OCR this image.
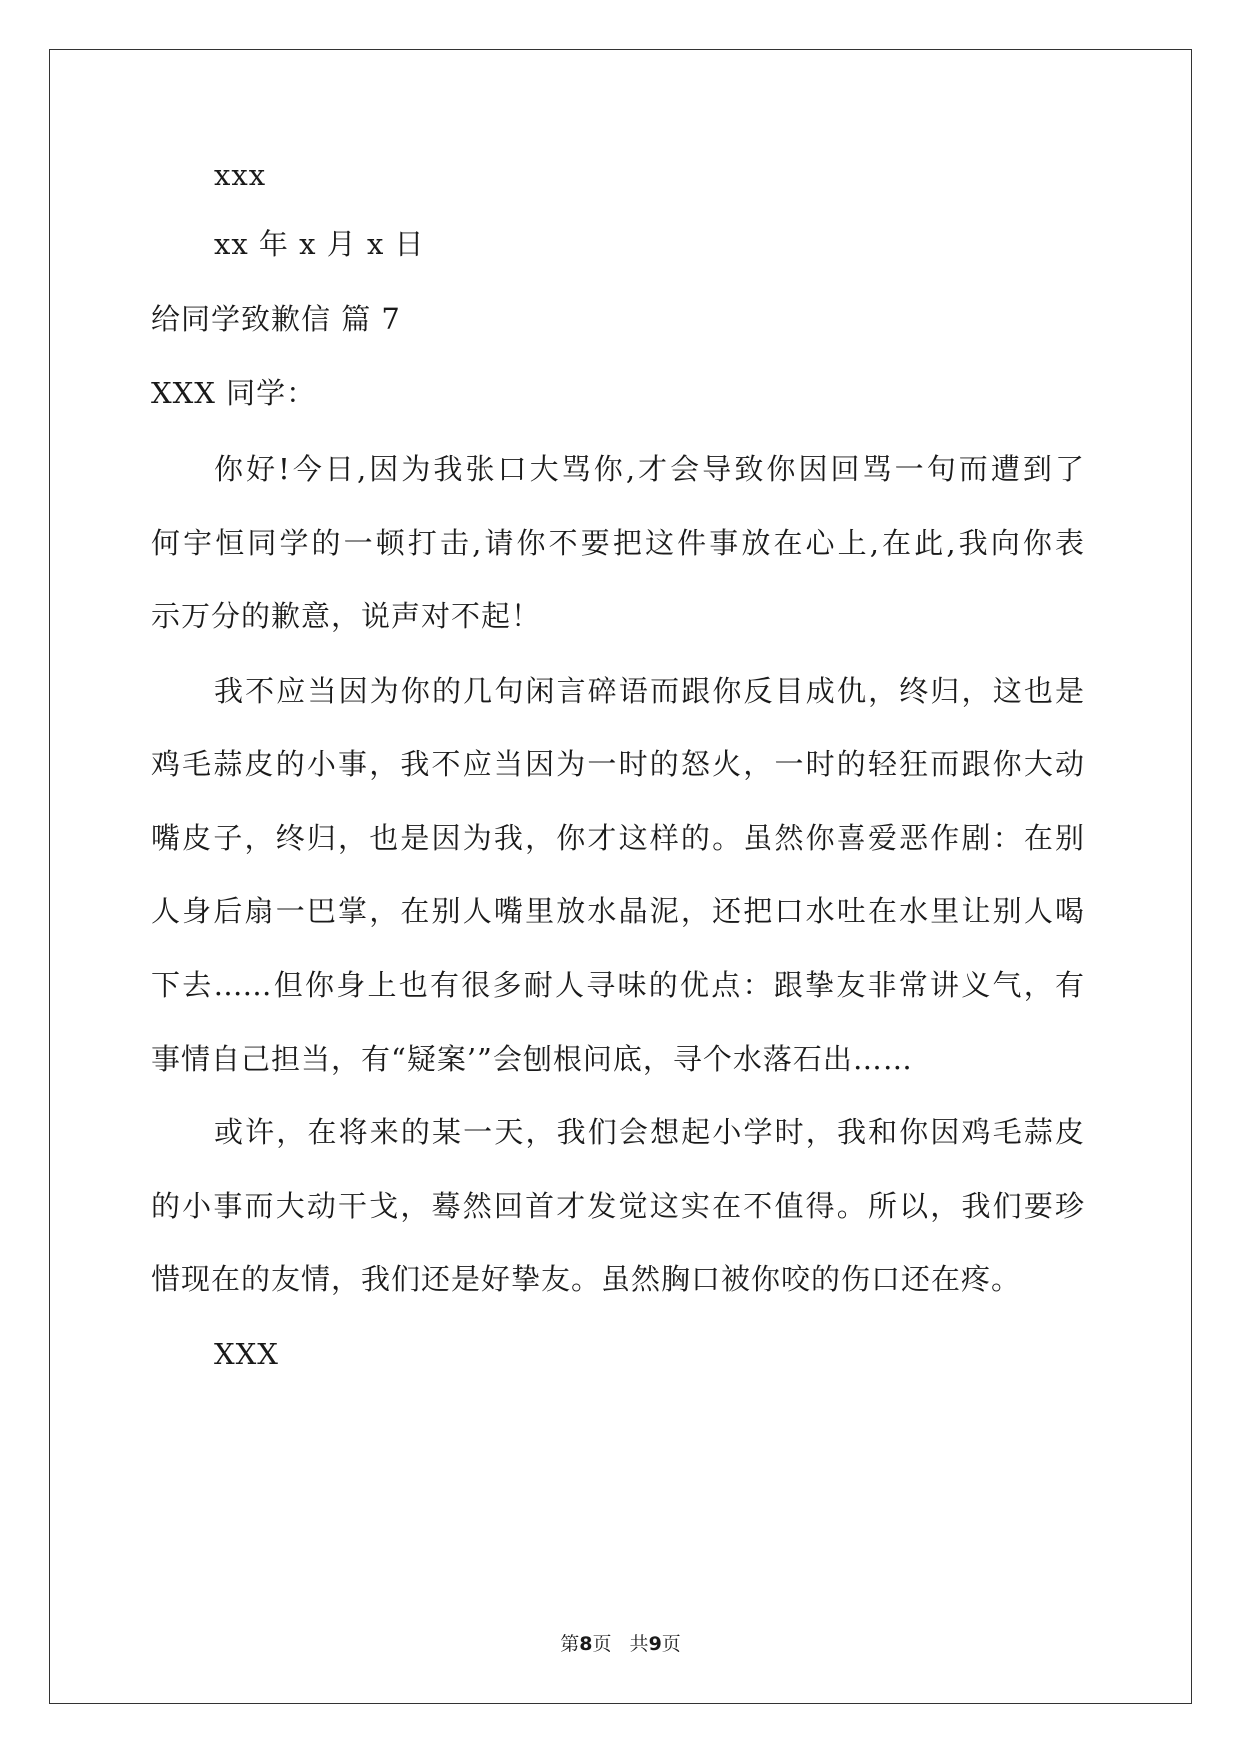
xxx
xx 年 x 月 x 日
给同学致歉信 篇 7
XXX 同学：
你好!今日,因为我张口大骂你,才会导致你因回骂一句而遭到了
何宇恒同学的一顿打击,请你不要把这件事放在心上,在此,我向你表
示万分的歉意，说声对不起！
我不应当因为你的几句闲言碎语而跟你反目成仇，终归，这也是
鸡毛蒜皮的小事，我不应当因为一时的怒火，一时的轻狂而跟你大动
嘴皮子，终归，也是因为我，你才这样的。虽然你喜爱恶作剧：在别
人身后扇一巴掌，在别人嘴里放水晶泥，还把口水吐在水里让别人喝
下去……但你身上也有很多耐人寻味的优点：跟挚友非常讲义气，有
事情自己担当，有“疑案’”会刨根问底，寻个水落石出……
或许，在将来的某一天，我们会想起小学时，我和你因鸡毛蒜皮
的小事而大动干戈，蓦然回首才发觉这实在不值得。所以，我们要珍
惜现在的友情，我们还是好挚友。虽然胸口被你咬的伤口还在疼。
XXX
第8页   共9页
